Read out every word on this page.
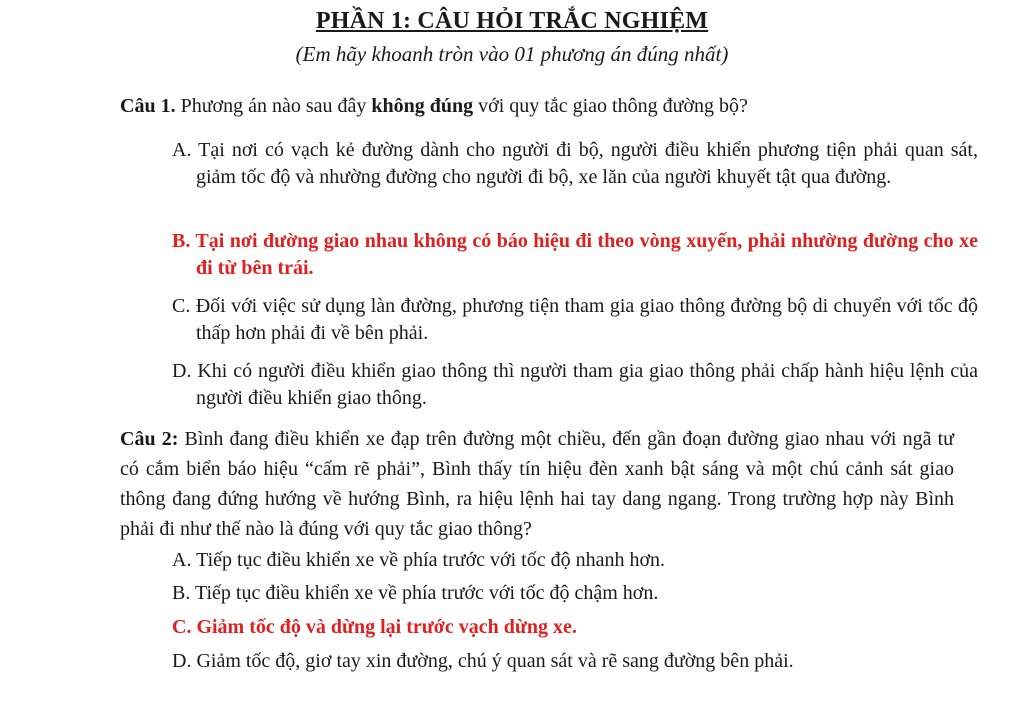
PHẦN 1: CÂU HỎI TRẮC NGHIỆM
(Em hãy khoanh tròn vào 01 phương án đúng nhất)
Câu 1. Phương án nào sau đây không đúng với quy tắc giao thông đường bộ?
A. Tại nơi có vạch kẻ đường dành cho người đi bộ, người điều khiển phương tiện phải quan sát, giảm tốc độ và nhường đường cho người đi bộ, xe lăn của người khuyết tật qua đường.
B. Tại nơi đường giao nhau không có báo hiệu đi theo vòng xuyến, phải nhường đường cho xe đi từ bên trái.
C. Đối với việc sử dụng làn đường, phương tiện tham gia giao thông đường bộ di chuyển với tốc độ thấp hơn phải đi về bên phải.
D. Khi có người điều khiển giao thông thì người tham gia giao thông phải chấp hành hiệu lệnh của người điều khiển giao thông.
Câu 2: Bình đang điều khiển xe đạp trên đường một chiều, đến gần đoạn đường giao nhau với ngã tư có cắm biển báo hiệu “cấm rẽ phải”, Bình thấy tín hiệu đèn xanh bật sáng và một chú cảnh sát giao thông đang đứng hướng về hướng Bình, ra hiệu lệnh hai tay dang ngang. Trong trường hợp này Bình phải đi như thế nào là đúng với quy tắc giao thông?
A. Tiếp tục điều khiển xe về phía trước với tốc độ nhanh hơn.
B. Tiếp tục điều khiển xe về phía trước với tốc độ chậm hơn.
C. Giảm tốc độ và dừng lại trước vạch dừng xe.
D. Giảm tốc độ, giơ tay xin đường, chú ý quan sát và rẽ sang đường bên phải.
